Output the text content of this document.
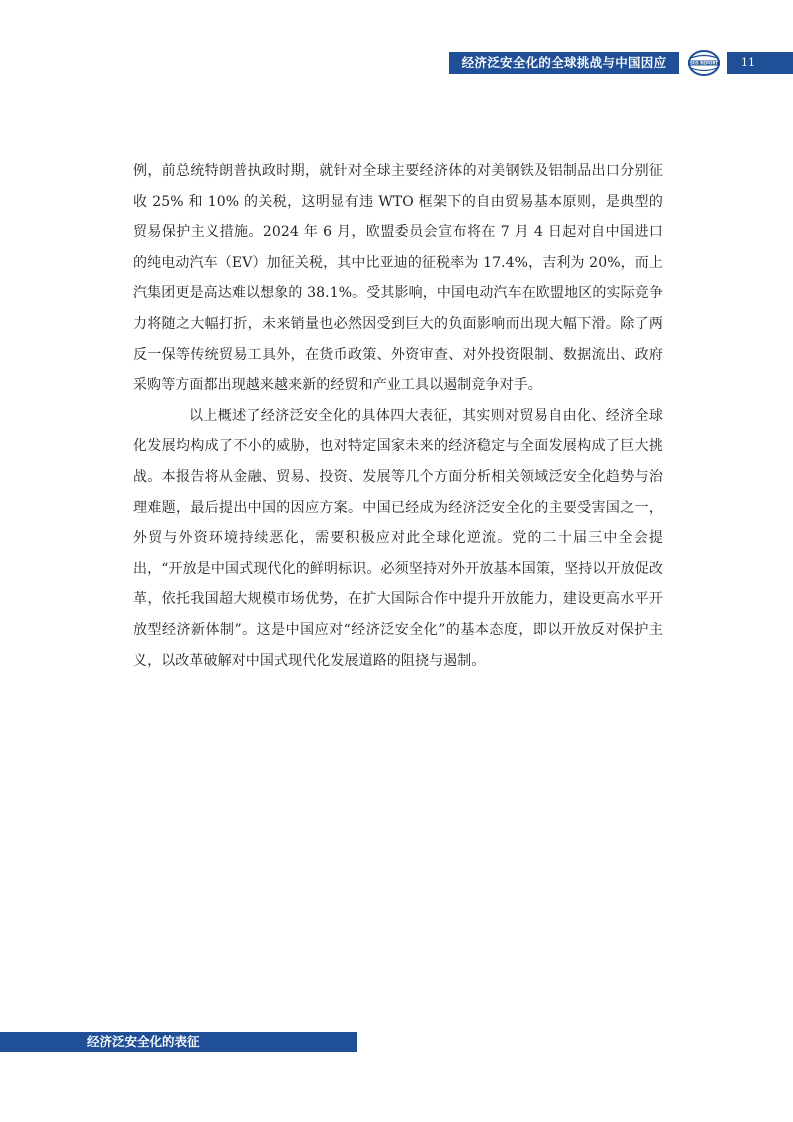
经济泛安全化的全球挑战与中国因应	SIIS REPORT	11

例，前总统特朗普执政时期，就针对全球主要经济体的对美钢铁及铝制品出口分别征收 25% 和 10% 的关税，这明显有违 WTO 框架下的自由贸易基本原则，是典型的贸易保护主义措施。2024 年 6 月，欧盟委员会宣布将在 7 月 4 日起对自中国进口的纯电动汽车（EV）加征关税，其中比亚迪的征税率为 17.4%，吉利为 20%，而上汽集团更是高达难以想象的 38.1%。受其影响，中国电动汽车在欧盟地区的实际竞争力将随之大幅打折，未来销量也必然因受到巨大的负面影响而出现大幅下滑。除了两反一保等传统贸易工具外，在货币政策、外资审查、对外投资限制、数据流出、政府采购等方面都出现越来越来新的经贸和产业工具以遏制竞争对手。

以上概述了经济泛安全化的具体四大表征，其实则对贸易自由化、经济全球化发展均构成了不小的威胁，也对特定国家未来的经济稳定与全面发展构成了巨大挑战。本报告将从金融、贸易、投资、发展等几个方面分析相关领域泛安全化趋势与治理难题，最后提出中国的因应方案。中国已经成为经济泛安全化的主要受害国之一，外贸与外资环境持续恶化，需要积极应对此全球化逆流。党的二十届三中全会提出，“开放是中国式现代化的鲜明标识。必须坚持对外开放基本国策，坚持以开放促改革，依托我国超大规模市场优势，在扩大国际合作中提升开放能力，建设更高水平开放型经济新体制”。这是中国应对“经济泛安全化”的基本态度，即以开放反对保护主义，以改革破解对中国式现代化发展道路的阻挠与遏制。

经济泛安全化的表征
